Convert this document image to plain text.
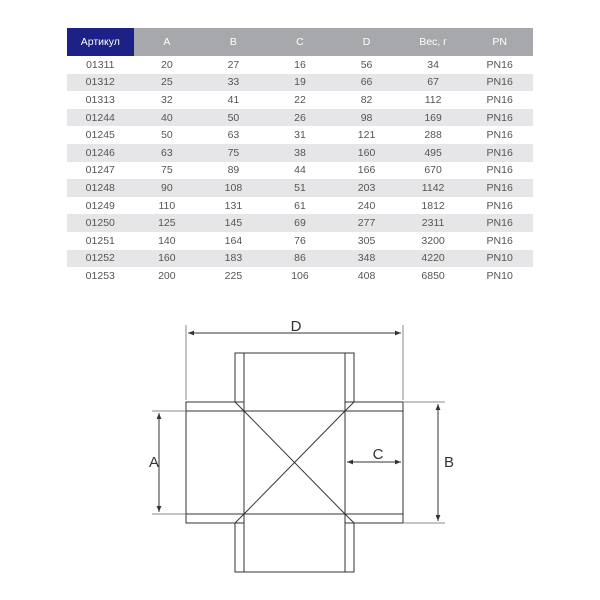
Артикул	A	B	C	D	Вес, г	PN
01311	20	27	16	56	34	PN16
01312	25	33	19	66	67	PN16
01313	32	41	22	82	112	PN16
01244	40	50	26	98	169	PN16
01245	50	63	31	121	288	PN16
01246	63	75	38	160	495	PN16
01247	75	89	44	166	670	PN16
01248	90	108	51	203	1142	PN16
01249	110	131	61	240	1812	PN16
01250	125	145	69	277	2311	PN16
01251	140	164	76	305	3200	PN16
01252	160	183	86	348	4220	PN10
01253	200	225	106	408	6850	PN10
D
A	B
C
